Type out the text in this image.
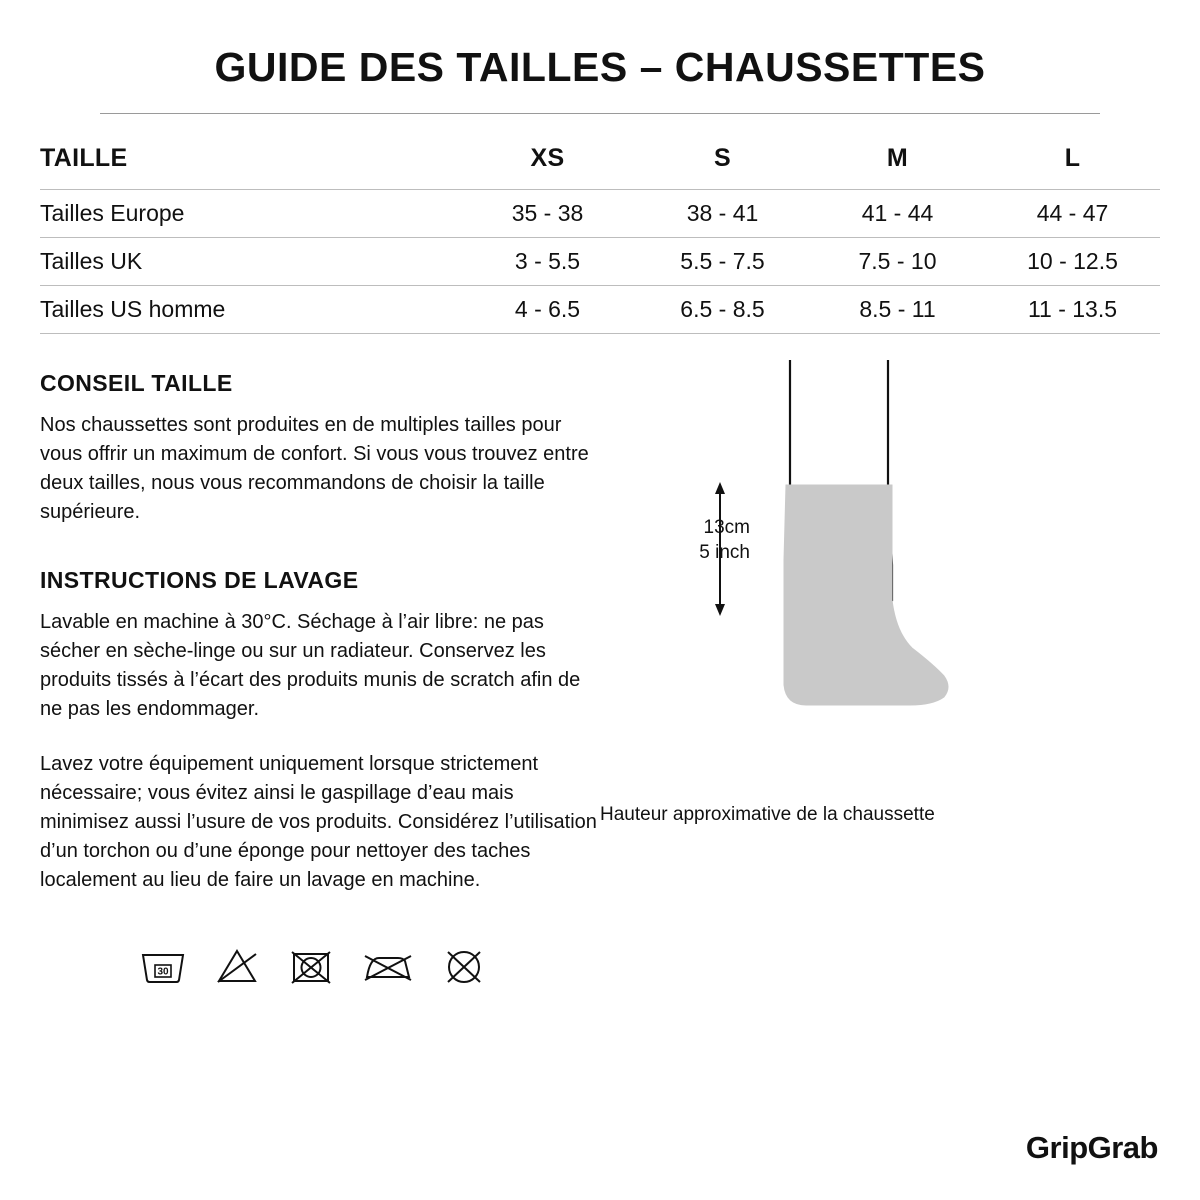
GUIDE DES TAILLES – CHAUSSETTES
TAILLE	XS	S	M	L
Tailles Europe	35 - 38	38 - 41	41 - 44	44 - 47
Tailles UK	3 - 5.5	5.5 - 7.5	7.5 - 10	10 - 12.5
Tailles US homme	4 - 6.5	6.5 - 8.5	8.5 - 11	11 - 13.5
CONSEIL TAILLE

Nos chaussettes sont produites en de multiples tailles pour vous offrir un maximum de confort. Si vous vous trouvez entre deux tailles, nous vous recommandons de choisir la taille supérieure.

INSTRUCTIONS DE LAVAGE

Lavable en machine à 30°C. Séchage à l’air libre: ne pas sécher en sèche-linge ou sur un radiateur. Conservez les produits tissés à l’écart des produits munis de scratch afin de ne pas les endommager.

Lavez votre équipement uniquement lorsque strictement nécessaire; vous évitez ainsi le gaspillage d’eau mais minimisez aussi l’usure de vos produits. Considérez l’utilisation d’un torchon ou d’une éponge pour nettoyer des taches localement au lieu de faire un lavage en machine.

30
13cm
5 inch
Hauteur approximative de la chaussette
GripGrab
